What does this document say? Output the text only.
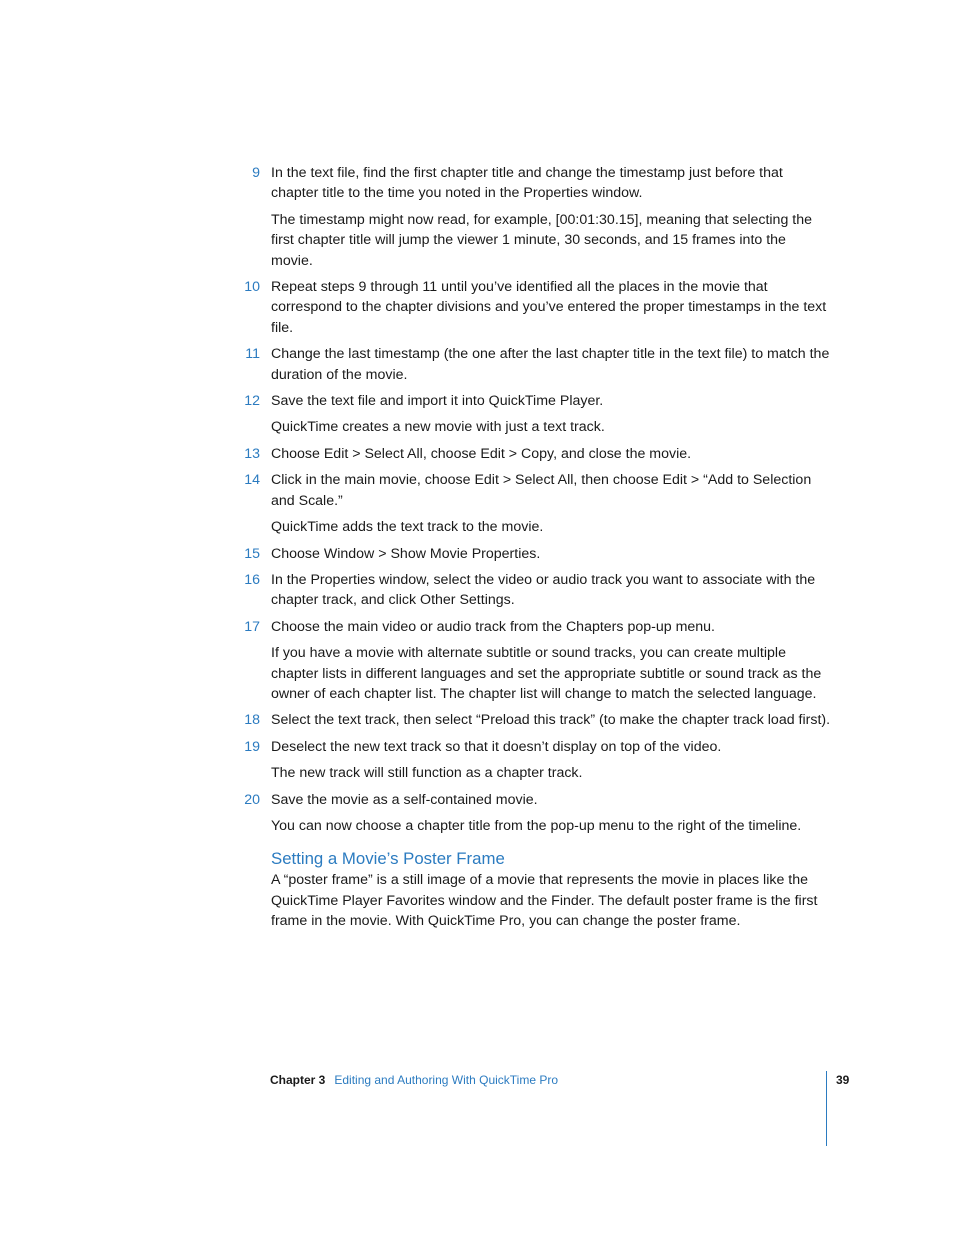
9 In the text file, find the first chapter title and change the timestamp just before that chapter title to the time you noted in the Properties window.

The timestamp might now read, for example, [00:01:30.15], meaning that selecting the first chapter title will jump the viewer 1 minute, 30 seconds, and 15 frames into the movie.

10 Repeat steps 9 through 11 until you’ve identified all the places in the movie that correspond to the chapter divisions and you’ve entered the proper timestamps in the text file.

11 Change the last timestamp (the one after the last chapter title in the text file) to match the duration of the movie.

12 Save the text file and import it into QuickTime Player.

QuickTime creates a new movie with just a text track.

13 Choose Edit > Select All, choose Edit > Copy, and close the movie.

14 Click in the main movie, choose Edit > Select All, then choose Edit > “Add to Selection and Scale.”

QuickTime adds the text track to the movie.

15 Choose Window > Show Movie Properties.

16 In the Properties window, select the video or audio track you want to associate with the chapter track, and click Other Settings.

17 Choose the main video or audio track from the Chapters pop-up menu.

If you have a movie with alternate subtitle or sound tracks, you can create multiple chapter lists in different languages and set the appropriate subtitle or sound track as the owner of each chapter list. The chapter list will change to match the selected language.

18 Select the text track, then select “Preload this track” (to make the chapter track load first).

19 Deselect the new text track so that it doesn’t display on top of the video.

The new track will still function as a chapter track.

20 Save the movie as a self-contained movie.

You can now choose a chapter title from the pop-up menu to the right of the timeline.

Setting a Movie’s Poster Frame

A “poster frame” is a still image of a movie that represents the movie in places like the QuickTime Player Favorites window and the Finder. The default poster frame is the first frame in the movie. With QuickTime Pro, you can change the poster frame.

Chapter 3 Editing and Authoring With QuickTime Pro	39
